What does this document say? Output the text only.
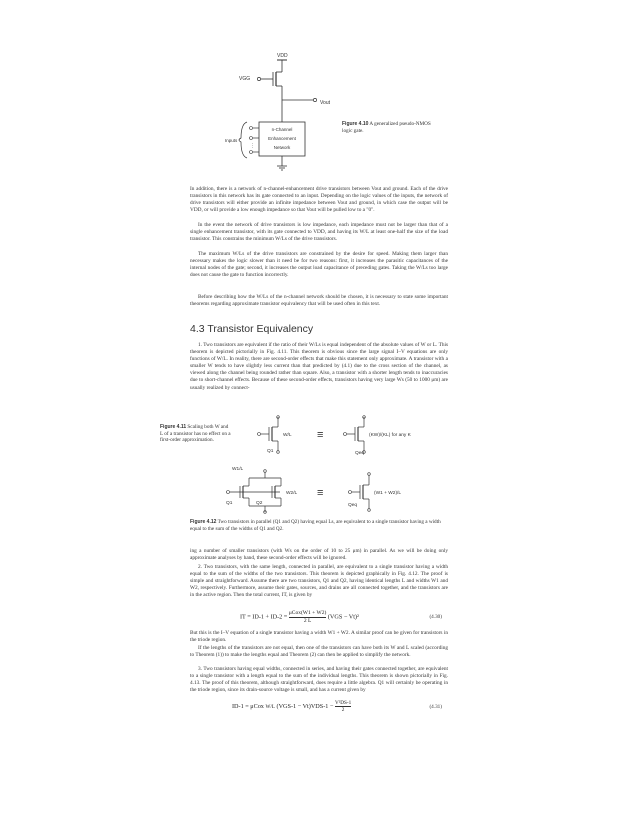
VDD
VGG
Vout
n-Channel
Enhancement
Network
Inputs
⋮
Figure 4.10 A generalized pseudo-NMOS logic gate.

In addition, there is a network of n-channel-enhancement drive transistors between Vout and ground. Each of the drive transistors in this network has its gate connected to an input. Depending on the logic values of the inputs, the network of drive transistors will either provide an infinite impedance between Vout and ground, in which case the output will be VDD, or will provide a low enough impedance so that Vout will be pulled low to a "0".

In the event the network of drive transistors is low impedance, each impedance must not be larger than that of a single enhancement transistor, with its gate connected to VDD, and having its W/L at least one-half the size of the load transistor. This constrains the minimum W/Ls of the drive transistors.

The maximum W/Ls of the drive transistors are constrained by the desire for speed. Making them larger than necessary makes the logic slower than it need be for two reasons: first, it increases the parasitic capacitances of the internal nodes of the gate; second, it increases the output load capacitance of preceding gates. Taking the W/Ls too large does not cause the gate to function incorrectly.

Before describing how the W/Ls of the n-channel network should be chosen, it is necessary to state some important theorems regarding approximate transistor equivalency that will be used often in this text.

4.3 Transistor Equivalency

1. Two transistors are equivalent if the ratio of their W/Ls is equal independent of the absolute values of W or L. This theorem is depicted pictorially in Fig. 4.11. This theorem is obvious since the large signal I–V equations are only functions of W/L. In reality, there are second-order effects that make this statement only approximate. A transistor with a smaller W tends to have slightly less current than that predicted by (4.1) due to the cross section of the channel, as viewed along the channel being rounded rather than square. Also, a transistor with a shorter length tends to inaccuracies due to short-channel effects. Because of these second-order effects, transistors having very large Ws (50 to 1000 μm) are usually realized by connect-

Figure 4.11 Scaling both W and L of a transistor has no effect on a first-order approximation.
W/L
Q1
≡	(KW)/(KL) for any K
Qeq
W1/L
Q1	Q2
W2/L ≡	(W1 + W2)/L
Qeq
Figure 4.12 Two transistors in parallel (Q1 and Q2) having equal Ls, are equivalent to a single transistor having a width equal to the sum of the widths of Q1 and Q2.

ing a number of smaller transistors (with Ws on the order of 10 to 25 μm) in parallel. As we will be doing only approximate analyses by hand, these second-order effects will be ignored.

2. Two transistors, with the same length, connected in parallel, are equivalent to a single transistor having a width equal to the sum of the widths of the two transistors. This theorem is depicted graphically in Fig. 4.12. The proof is simple and straightforward. Assume there are two transistors, Q1 and Q2, having identical lengths L and widths W1 and W2, respectively. Furthermore, assume their gates, sources, and drains are all connected together, and the transistors are in the active region. Then the total current, IT, is given by

IT = ID-1 + ID-2 =
μCox(W1 + W2)
2 L
(VGS − Vt)²	(4.30)

But this is the I–V equation of a single transistor having a width W1 + W2. A similar proof can be given for transistors in the triode region.

If the lengths of the transistors are not equal, then one of the transistors can have both its W and L scaled (according to Theorem (1)) to make the lengths equal and Theorem (2) can then be applied to simplify the network.

3. Two transistors having equal widths, connected in series, and having their gates connected together, are equivalent to a single transistor with a length equal to the sum of the individual lengths. This theorem is shown pictorially in Fig. 4.13. The proof of this theorem, although straightforward, does require a little algebra. Q1 will certainly be operating in the triode region, since its drain-source voltage is small, and has a current given by

ID-1 = μCox W/L $(VGS-1 - Vt)VDS-1 - \frac{\text{V²DS-1}}{2}$	(4.31)
